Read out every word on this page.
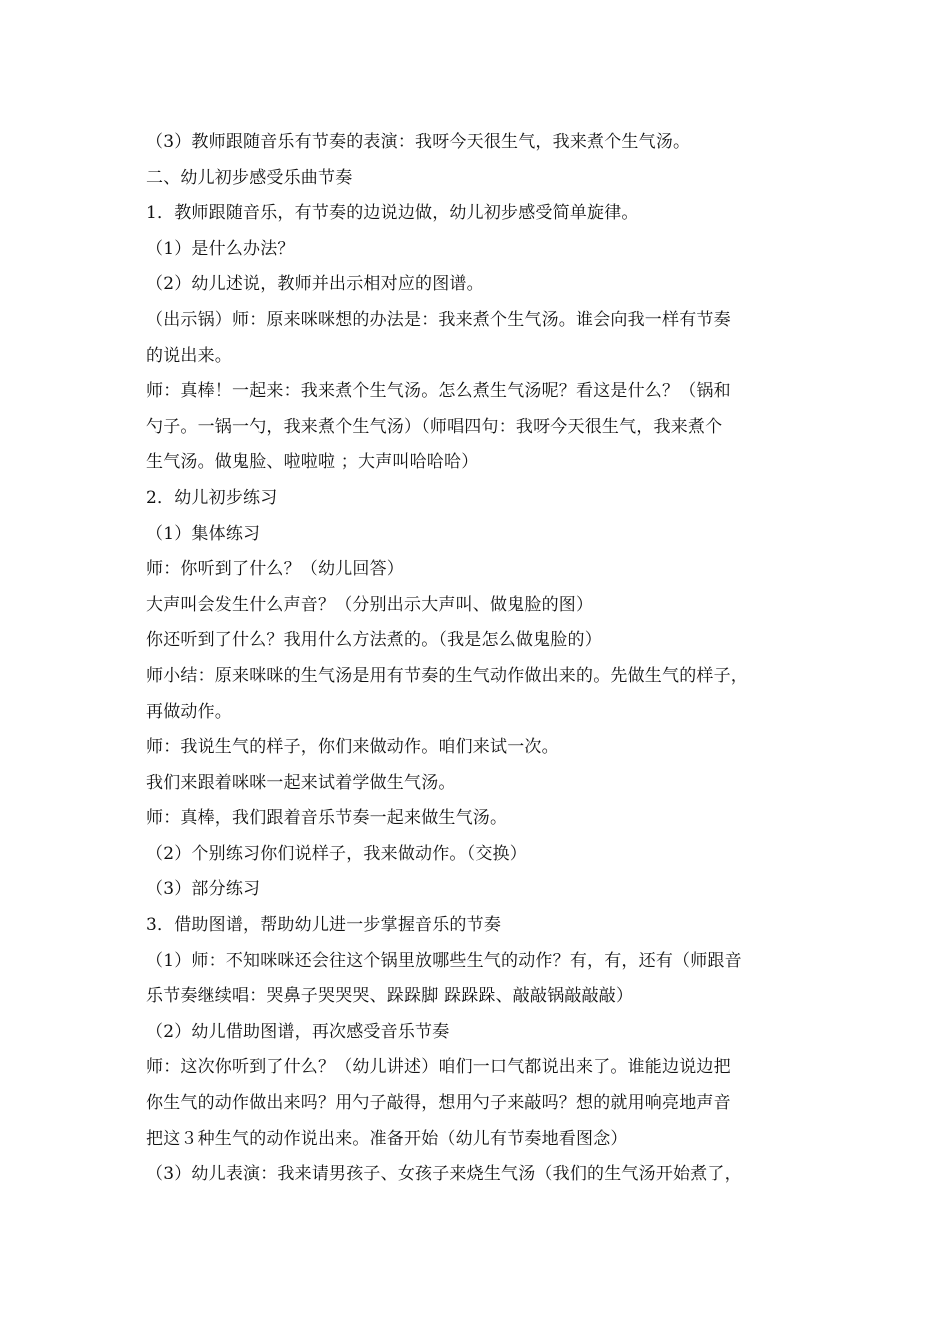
（3）教师跟随音乐有节奏的表演：我呀今天很生气，我来煮个生气汤。
二、幼儿初步感受乐曲节奏
1．教师跟随音乐，有节奏的边说边做，幼儿初步感受简单旋律。
（1）是什么办法？
（2）幼儿述说，教师并出示相对应的图谱。
（出示锅）师：原来咪咪想的办法是：我来煮个生气汤。谁会向我一样有节奏
的说出来。
师：真棒！一起来：我来煮个生气汤。怎么煮生气汤呢？看这是什么？（锅和
勺子。一锅一勺，我来煮个生气汤）（师唱四句：我呀今天很生气，我来煮个
生气汤。做鬼脸、啦啦啦 ；大声叫哈哈哈）
2．幼儿初步练习
（1）集体练习
师：你听到了什么？（幼儿回答）
大声叫会发生什么声音？（分别出示大声叫、做鬼脸的图）
你还听到了什么？我用什么方法煮的。（我是怎么做鬼脸的）
师小结：原来咪咪的生气汤是用有节奏的生气动作做出来的。先做生气的样子，
再做动作。
师：我说生气的样子，你们来做动作。咱们来试一次。
我们来跟着咪咪一起来试着学做生气汤。
师：真棒，我们跟着音乐节奏一起来做生气汤。
（2）个别练习你们说样子，我来做动作。（交换）
（3）部分练习
3．借助图谱，帮助幼儿进一步掌握音乐的节奏
（1）师：不知咪咪还会往这个锅里放哪些生气的动作？有，有，还有（师跟音
乐节奏继续唱：哭鼻子哭哭哭、跺跺脚 跺跺跺、敲敲锅敲敲敲）
（2）幼儿借助图谱，再次感受音乐节奏
师：这次你听到了什么？（幼儿讲述）咱们一口气都说出来了。谁能边说边把
你生气的动作做出来吗？用勺子敲得，想用勺子来敲吗？想的就用响亮地声音
把这３种生气的动作说出来。准备开始（幼儿有节奏地看图念）
（3）幼儿表演：我来请男孩子、女孩子来烧生气汤（我们的生气汤开始煮了，
